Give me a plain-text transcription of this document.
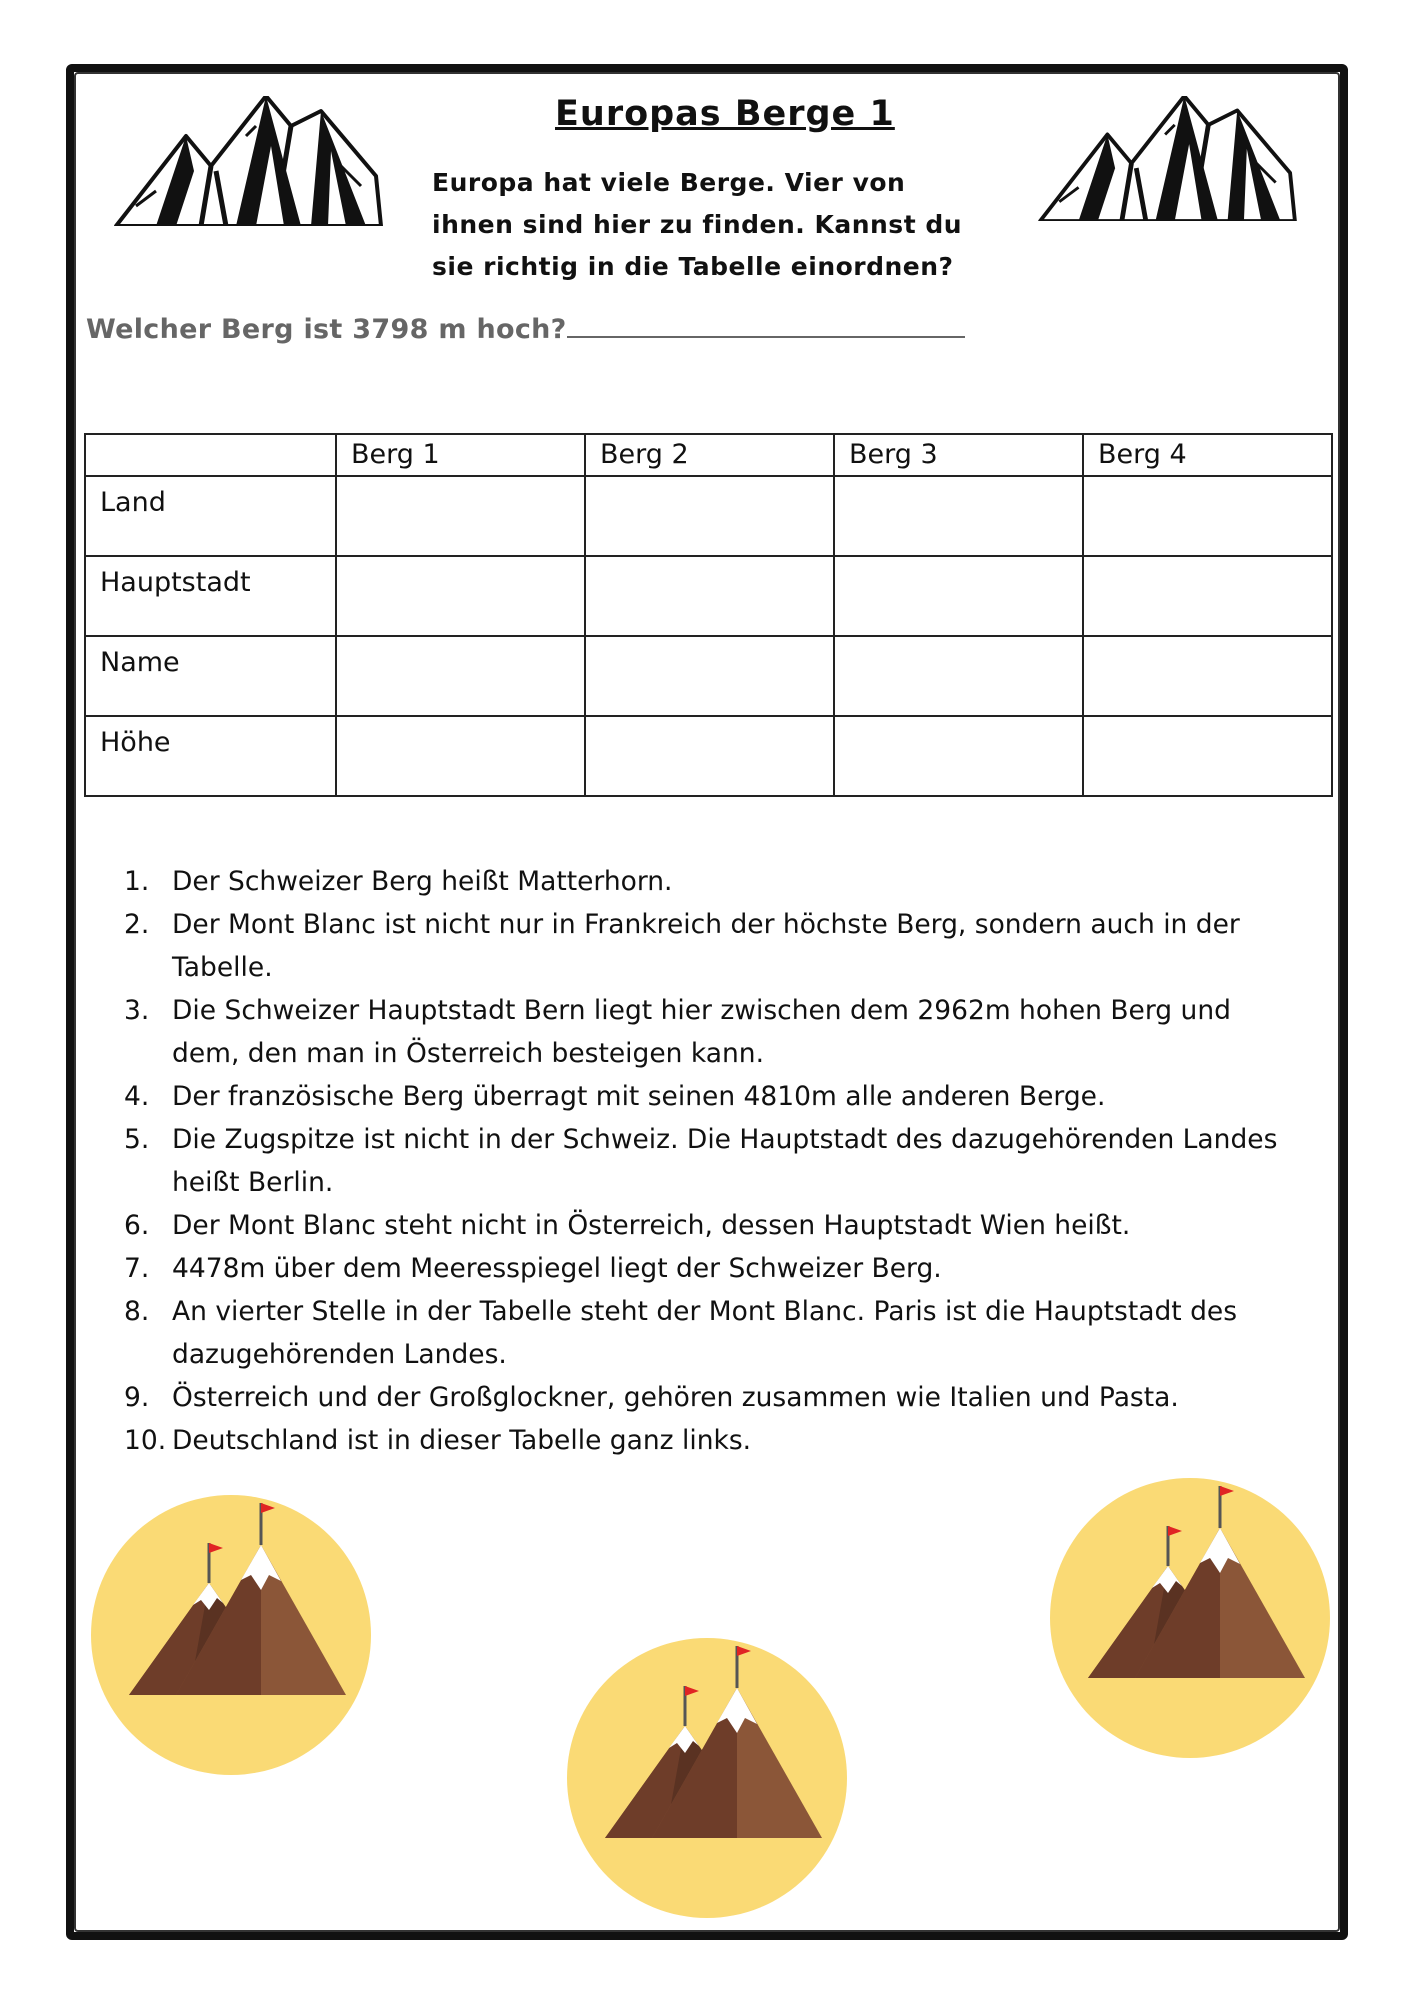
Europas Berge 1

Europa hat viele Berge. Vier von ihnen sind hier zu finden. Kannst du sie richtig in die Tabelle einordnen?

Welcher Berg ist 3798 m hoch?

	Berg 1	Berg 2	Berg 3	Berg 4
Land				
Hauptstadt				
Name				
Höhe				
1. Der Schweizer Berg heißt Matterhorn.
2. Der Mont Blanc ist nicht nur in Frankreich der höchste Berg, sondern auch in der Tabelle.
3. Die Schweizer Hauptstadt Bern liegt hier zwischen dem 2962m hohen Berg und dem, den man in Österreich besteigen kann.
4. Der französische Berg überragt mit seinen 4810m alle anderen Berge.
5. Die Zugspitze ist nicht in der Schweiz. Die Hauptstadt des dazugehörenden Landes heißt Berlin.
6. Der Mont Blanc steht nicht in Österreich, dessen Hauptstadt Wien heißt.
7. 4478m über dem Meeresspiegel liegt der Schweizer Berg.
8. An vierter Stelle in der Tabelle steht der Mont Blanc. Paris ist die Hauptstadt des dazugehörenden Landes.
9. Österreich und der Großglockner, gehören zusammen wie Italien und Pasta.
10. Deutschland ist in dieser Tabelle ganz links.
